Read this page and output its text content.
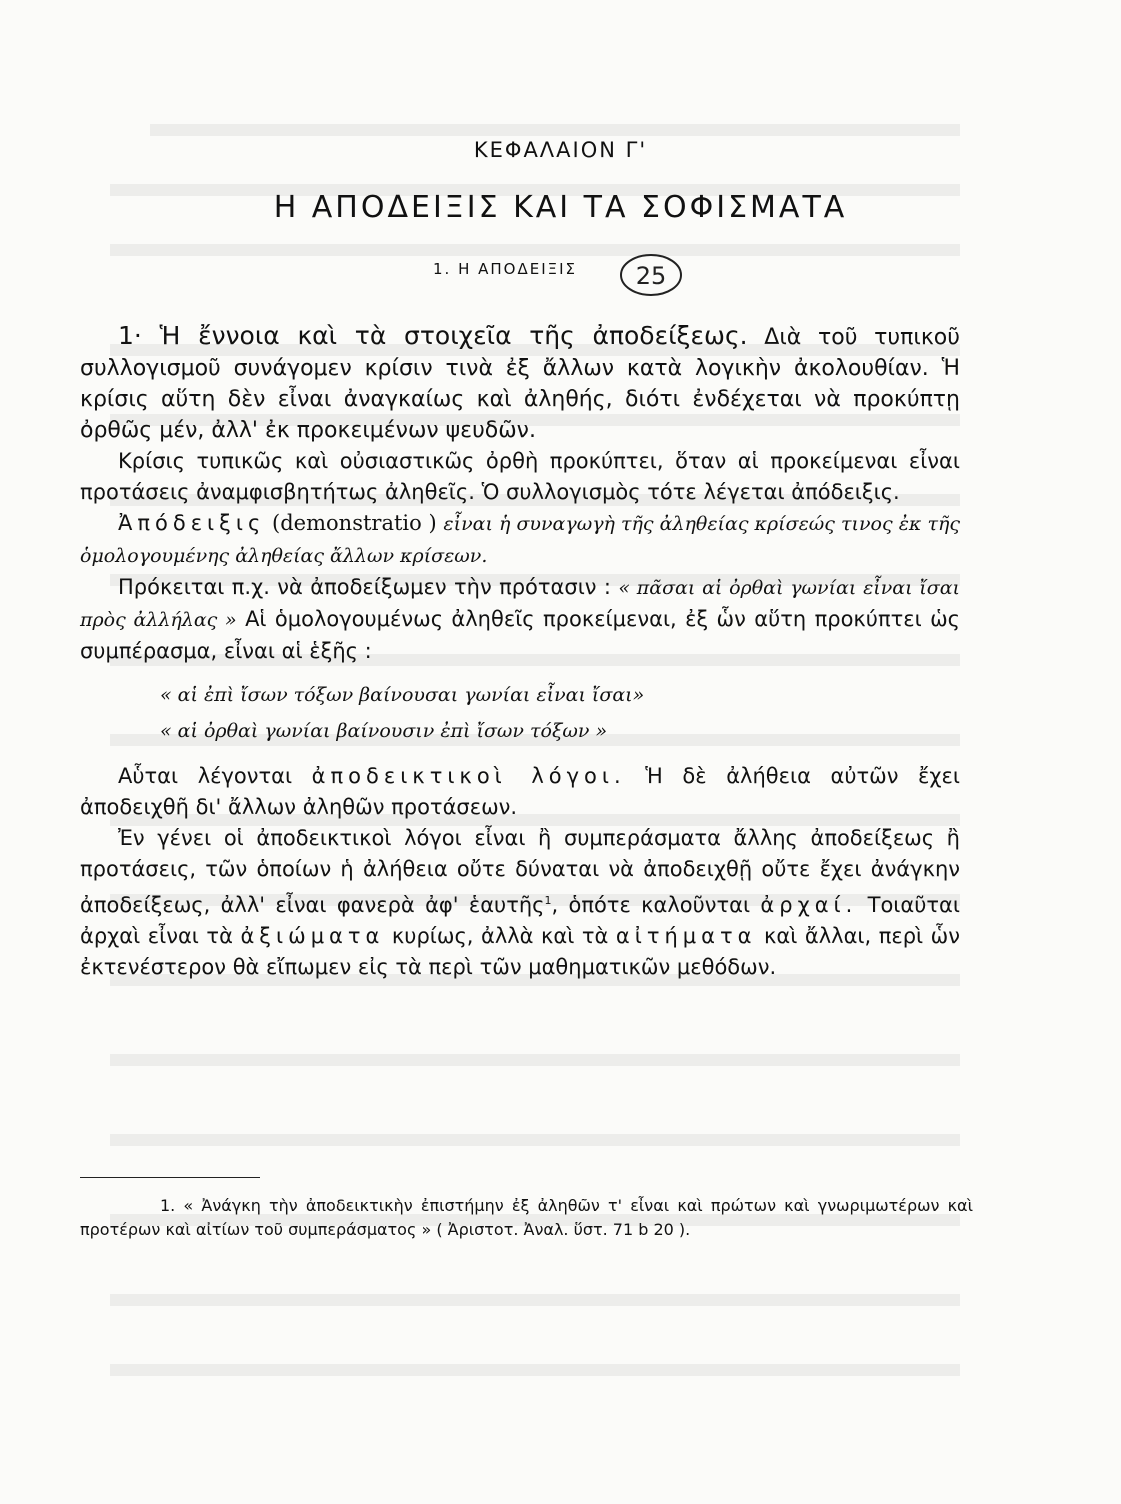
ΚΕΦΑΛΑΙΟΝ Γ'
Η ΑΠΟΔΕΙΞΙΣ ΚΑΙ ΤΑ ΣΟΦΙΣΜΑΤΑ
1. Η ΑΠΟΔΕΙΞΙΣ 25

1· Ἡ ἔννοια καὶ τὰ στοιχεῖα τῆς ἀποδείξεως. Διὰ τοῦ τυπικοῦ συλλογισμοῦ συνάγομεν κρίσιν τινὰ ἐξ ἄλλων κατὰ λογικὴν ἀκολουθίαν. Ἡ κρίσις αὕτη δὲν εἶναι ἀναγκαίως καὶ ἀληθής, διότι ἐνδέχεται νὰ προκύπτῃ ὀρθῶς μέν, ἀλλ' ἐκ προκειμένων ψευδῶν.

Κρίσις τυπικῶς καὶ οὐσιαστικῶς ὀρθὴ προκύπτει, ὅταν αἱ προκείμεναι εἶναι προτάσεις ἀναμφισβητήτως ἀληθεῖς. Ὁ συλλογισμὸς τότε λέγεται ἀπόδειξις.

Ἀπόδειξις (demonstratio ) εἶναι ἡ συναγωγὴ τῆς ἀληθείας κρίσεώς τινος ἐκ τῆς ὁμολογουμένης ἀληθείας ἄλλων κρίσεων.

Πρόκειται π.χ. νὰ ἀποδείξωμεν τὴν πρότασιν : « πᾶσαι αἱ ὀρθαὶ γωνίαι εἶναι ἴσαι πρὸς ἀλλήλας » Αἱ ὁμολογουμένως ἀληθεῖς προκείμεναι, ἐξ ὧν αὕτη προκύπτει ὡς συμπέρασμα, εἶναι αἱ ἑξῆς :

« αἱ ἐπὶ ἴσων τόξων βαίνουσαι γωνίαι εἶναι ἴσαι»
« αἱ ὀρθαὶ γωνίαι βαίνουσιν ἐπὶ ἴσων τόξων »

Αὗται λέγονται ἀποδεικτικοὶ λόγοι. Ἡ δὲ ἀλήθεια αὐτῶν ἔχει ἀποδειχθῆ δι' ἄλλων ἀληθῶν προτάσεων.

Ἐν γένει οἱ ἀποδεικτικοὶ λόγοι εἶναι ἢ συμπεράσματα ἄλλης ἀποδείξεως ἢ προτάσεις, τῶν ὁποίων ἡ ἀλήθεια οὔτε δύναται νὰ ἀποδειχθῇ οὔτε ἔχει ἀνάγκην ἀποδείξεως, ἀλλ' εἶναι φανερὰ ἀφ' ἑαυτῆς$^1$, ὁπότε καλοῦνται ἀρχαί. Τοιαῦται ἀρχαὶ εἶναι τὰ ἀξιώματα κυρίως, ἀλλὰ καὶ τὰ αἰτήματα καὶ ἄλλαι, περὶ ὧν ἐκτενέστερον θὰ εἴπωμεν εἰς τὰ περὶ τῶν μαθηματικῶν μεθόδων.

1. « Ἀνάγκη τὴν ἀποδεικτικὴν ἐπιστήμην ἐξ ἀληθῶν τ' εἶναι καὶ πρώτων καὶ γνωριμωτέρων καὶ προτέρων καὶ αἰτίων τοῦ συμπεράσματος » ( Ἀριστοτ. Ἀναλ. ὕστ. 71 b 20 ).
